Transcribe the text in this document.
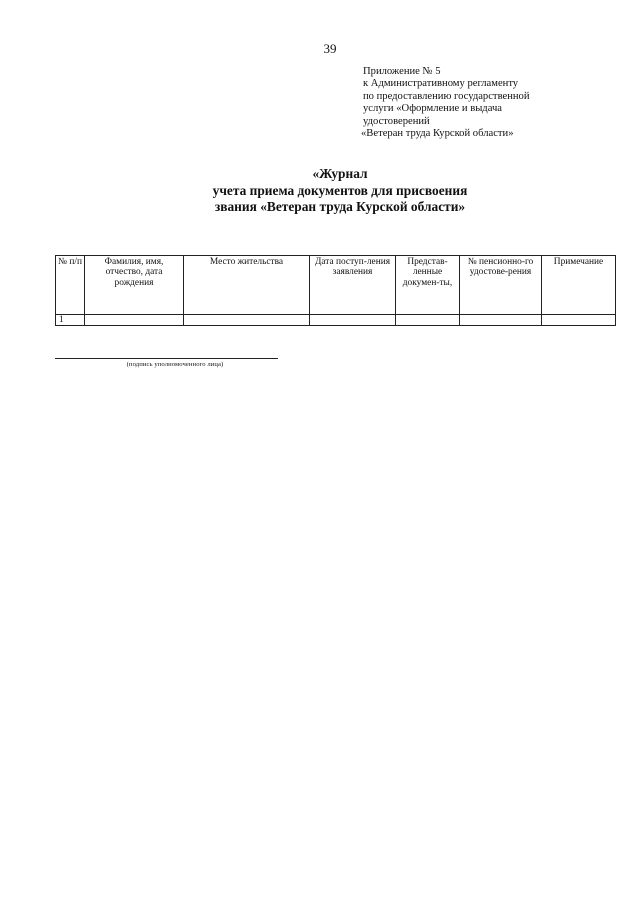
39
Приложение № 5
к Административному регламенту
по предоставлению государственной
услуги «Оформление и выдача
удостоверений
«Ветеран труда Курской области»
«Журнал
учета приема документов для присвоения
звания «Ветеран труда Курской области»
№ п/п	Фамилия, имя, отчество, дата рождения	Место жительства	Дата поступ-ления заявления	Представ-ленные докумен-ты,	№ пенсионно-го удостове-рения	Примечание
1						
(подпись уполномоченного лица)
